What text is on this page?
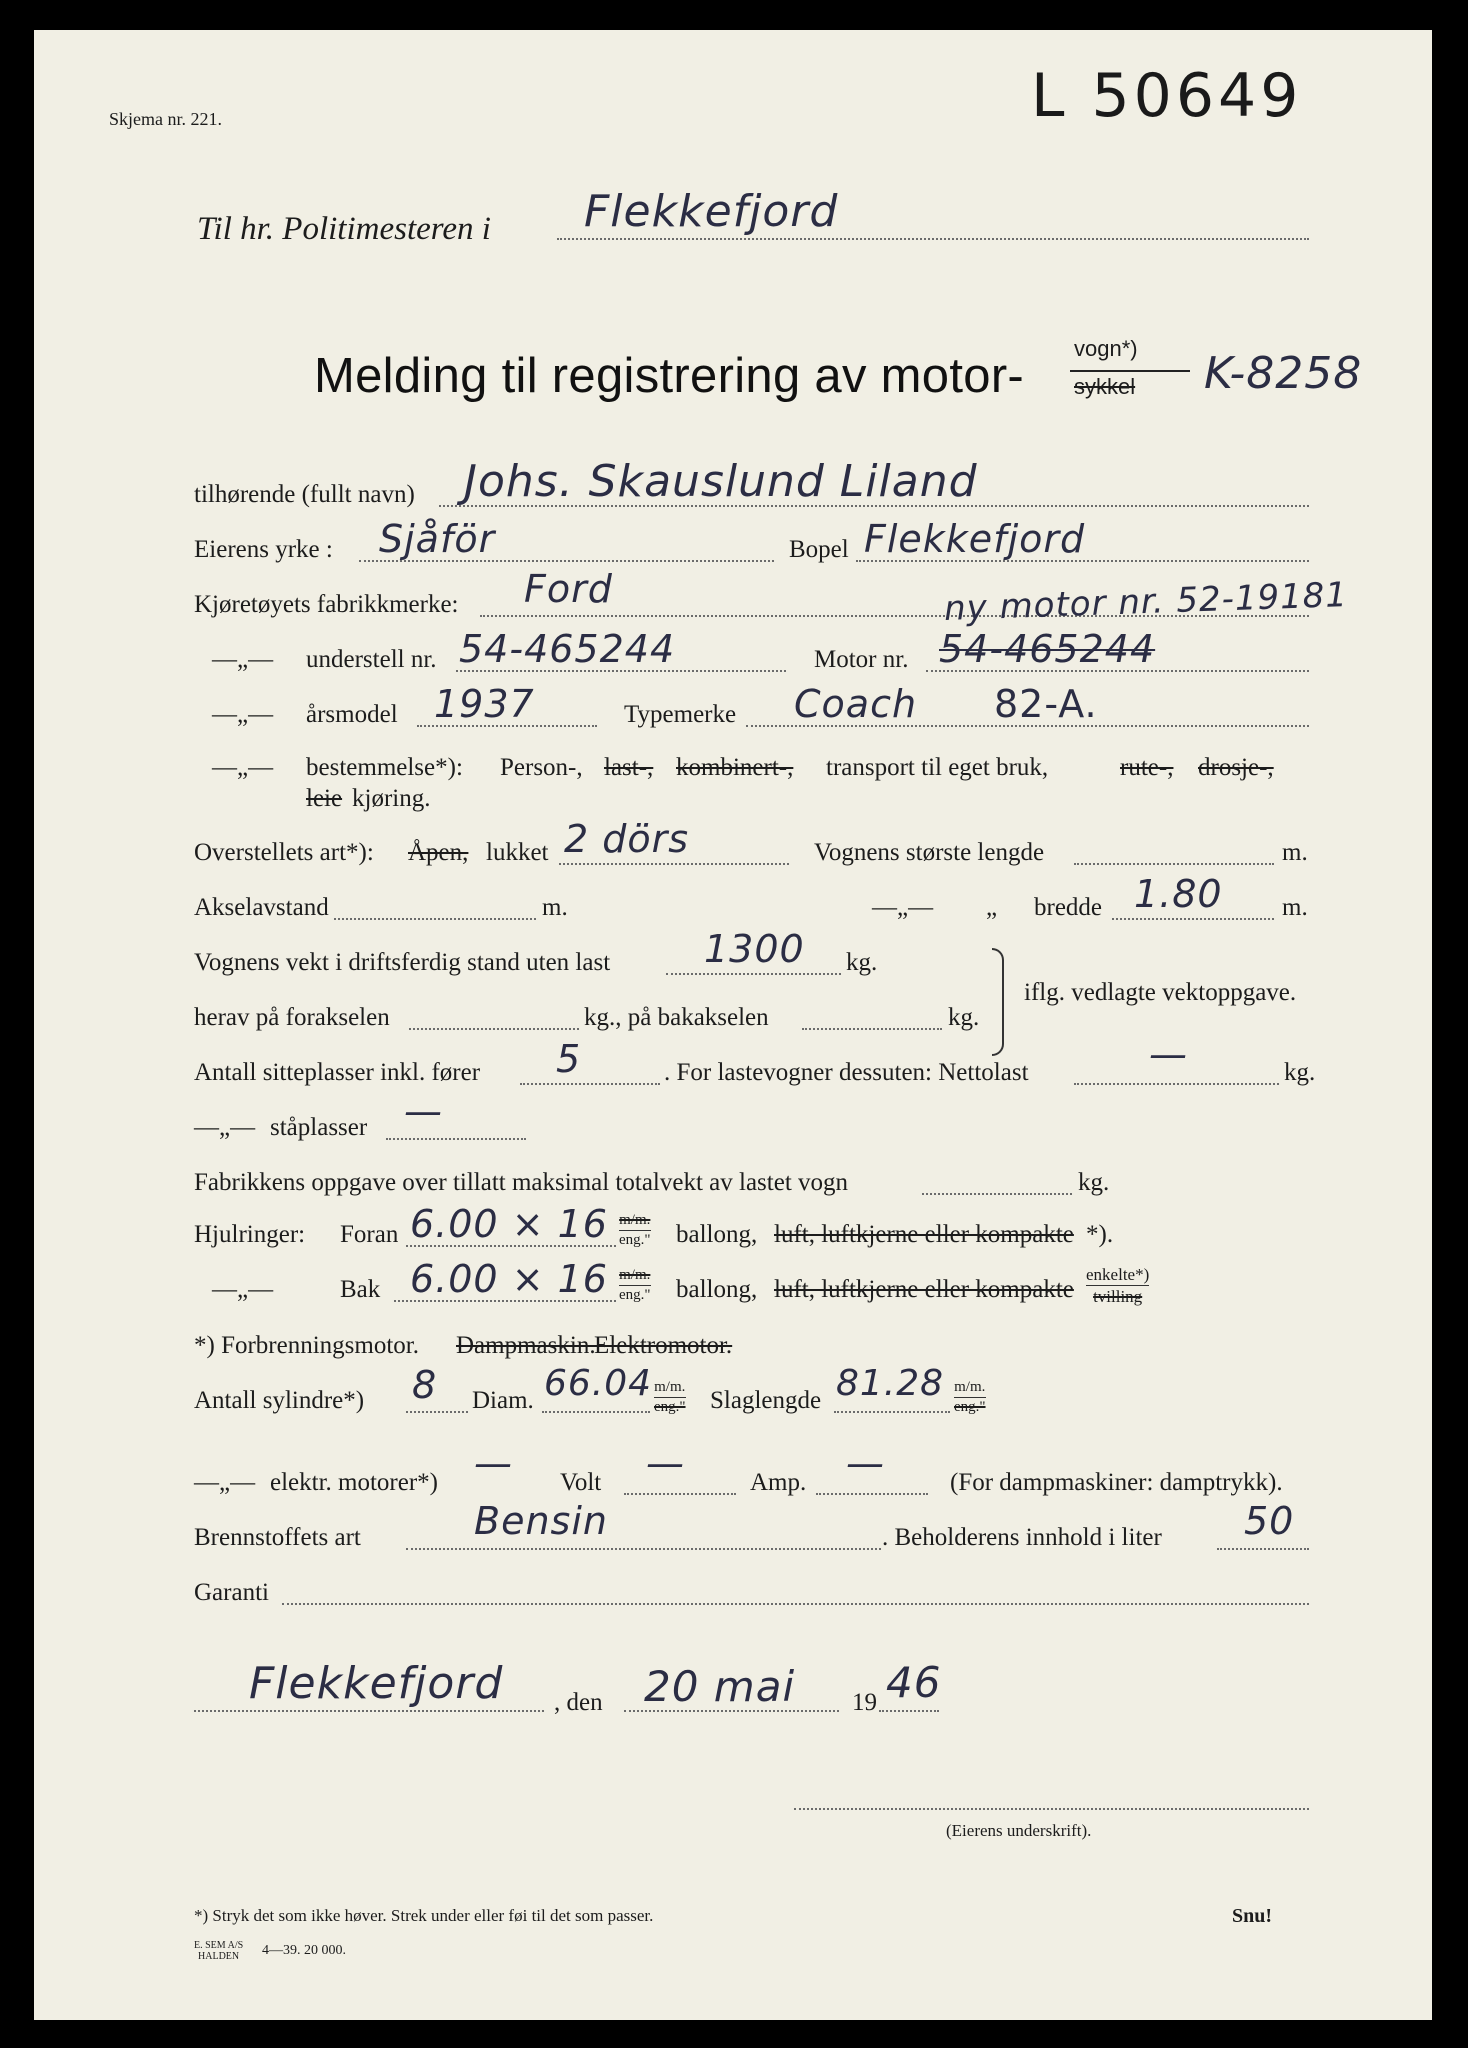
Skjema nr. 221.	L 50649
Til hr. Politimesteren i Flekkefjord
Melding til registrering av motor-
vogn*)
sykkel K-8258
tilhørende (fullt navn) Johs. Skauslund Liland
Eierens yrke : Sjåför	Bopel Flekkefjord
Kjøretøyets fabrikkmerke: Ford
—„— understell nr. 54-465244	Motor nr. 54-465244
ny motor nr. 52-19181
—„— årsmodel 1937	Typemerke Coach 82-A.
—„— bestemmelse*): Person-, last-, kombinert-, transport til eget bruk,	rute-, drosje-,
leie kjøring.
Overstellets art*): Åpen, lukket 2 dörs	Vognens største lengde	m.
Akselavstand	m.	—„— „ bredde 1.80 m.
Vognens vekt i driftsferdig stand uten last 1300 kg.
herav på forakselen	kg., på bakakselen	kg.
iflg. vedlagte vektoppgave.
Antall sitteplasser inkl. fører 5	. For lastevogner dessuten: Nettolast	—	kg.
—„— ståplasser —
Fabrikkens oppgave over tillatt maksimal totalvekt av lastet vogn	kg.
Hjulringer: Foran 6.00 × 16 m/m.
eng." ballong, luft, luftkjerne eller kompakte *).
—„—	Bak 6.00 × 16 m/m.
eng." ballong, luft, luftkjerne eller kompakte
enkelte*)
tvilling
*) Forbrenningsmotor. Dampmaskin.
Elektromotor.
Antall sylindre*) 8 Diam. 66.04 m/m.
eng." Slaglengde 81.28 m/m.
eng."
—„— elektr. motorer*) — Volt —	Amp. —	(For dampmaskiner: damptrykk).
Brennstoffets art	Bensin	. Beholderens innhold i liter 50
Garanti
Flekkefjord , den 20 mai 19 46
(Eierens underskrift).
*) Stryk det som ikke høver. Strek under eller føi til det som passer.	Snu!
E. SEM A/S
HALDEN 4—39. 20 000.
